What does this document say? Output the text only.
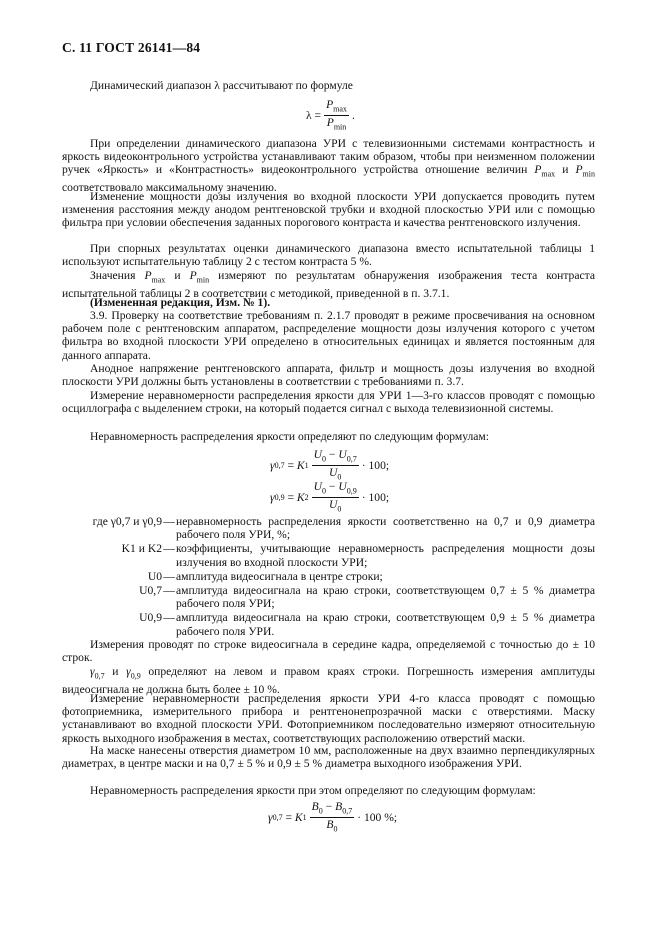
С. 11 ГОСТ 26141—84

Динамический диапазон λ рассчитывают по формуле

$\lambda = \frac{P_{max}}{P_{min}}$ .

При определении динамического диапазона УРИ с телевизионными системами контрастность и яркость видеоконтрольного устройства устанавливают таким образом, чтобы при неизменном положении ручек «Яркость» и «Контрастность» видеоконтрольного устройства отношение величин $P_{max}$ и $P_{min}$ соответствовало максимальному значению.

Изменение мощности дозы излучения во входной плоскости УРИ допускается проводить путем изменения расстояния между анодом рентгеновской трубки и входной плоскостью УРИ или с помощью фильтра при условии обеспечения заданных порогового контраста и качества рентгеновского излучения.

При спорных результатах оценки динамического диапазона вместо испытательной таблицы 1 используют испытательную таблицу 2 с тестом контраста 5 %.

Значения $P_{max}$ и $P_{min}$ измеряют по результатам обнаружения изображения теста контраста испытательной таблицы 2 в соответствии с методикой, приведенной в п. 3.7.1.

(Измененная редакция, Изм. № 1).

3.9. Проверку на соответствие требованиям п. 2.1.7 проводят в режиме просвечивания на основном рабочем поле с рентгеновским аппаратом, распределение мощности дозы излучения которого с учетом фильтра во входной плоскости УРИ определено в относительных единицах и является постоянным для данного аппарата.

Анодное напряжение рентгеновского аппарата, фильтр и мощность дозы излучения во входной плоскости УРИ должны быть установлены в соответствии с требованиями п. 3.7.

Измерение неравномерности распределения яркости для УРИ 1—3-го классов проводят с помощью осциллографа с выделением строки, на который подается сигнал с выхода телевизионной системы.

Неравномерность распределения яркости определяют по следующим формулам:

γ 0,7 = K $1 \frac{U_0 - U_{0,7}}{U_0} \cdot 100$;
γ 0,9 = K $2 \frac{U_0 - U_{0,9}}{U_0} \cdot 100$;
где γ0,7 и γ0,9 — неравномерность распределения яркости соответственно на 0,7 и 0,9 диаметра рабочего поля УРИ, %;
K1 и K2 — коэффициенты, учитывающие неравномерность распределения мощности дозы излучения во входной плоскости УРИ;
U0 — амплитуда видеосигнала в центре строки;
U0,7 — амплитуда видеосигнала на краю строки, соответствующем 0,7 ± 5 % диаметра рабочего поля УРИ;
U0,9 — амплитуда видеосигнала на краю строки, соответствующем 0,9 ± 5 % диаметра рабочего поля УРИ.

Измерения проводят по строке видеосигнала в середине кадра, определяемой с точностью до ± 10 строк.

$\gamma_{0,7}$ и $\gamma_{0,9}$ определяют на левом и правом краях строки. Погрешность измерения амплитуды видеосигнала не должна быть более ± 10 %.

Измерение неравномерности распределения яркости УРИ 4-го класса проводят с помощью фотоприемника, измерительного прибора и рентгенонепрозрачной маски с отверстиями. Маску устанавливают во входной плоскости УРИ. Фотоприемником последовательно измеряют относительную яркость выходного изображения в местах, соответствующих расположению отверстий маски.

На маске нанесены отверстия диаметром 10 мм, расположенные на двух взаимно перпендикулярных диаметрах, в центре маски и на 0,7 ± 5 % и 0,9 ± 5 % диаметра выходного изображения УРИ.

Неравномерность распределения яркости при этом определяют по следующим формулам:

γ 0,7 = K $1 \frac{B_0 - B_{0,7}}{B_0} \cdot 100$ %;
